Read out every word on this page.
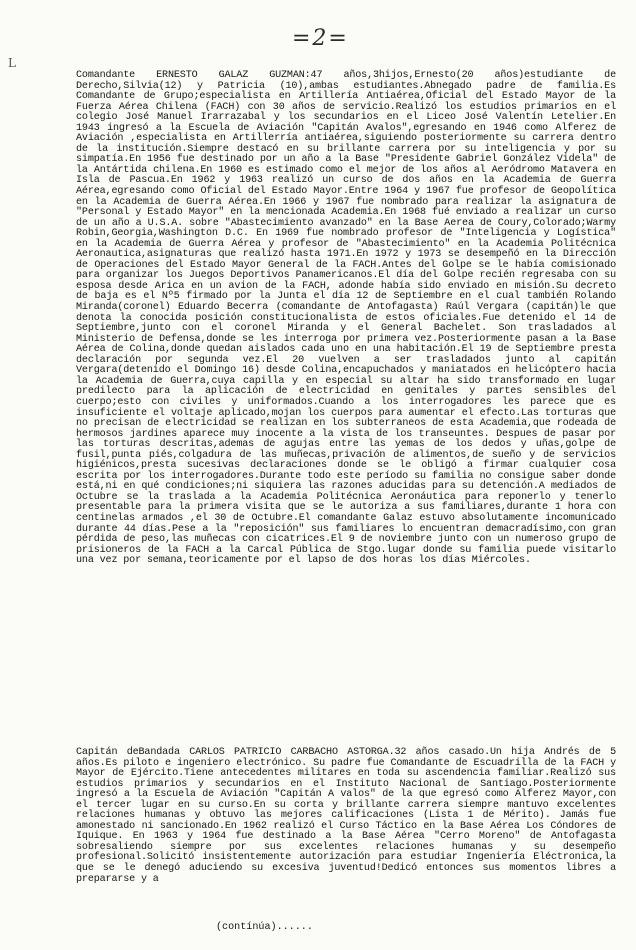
=2=
L
Comandante ERNESTO GALAZ GUZMAN:47 años,3hijos,Ernesto(20 años)estudiante de Derecho,Silvia(12) y Patricia (10),ambas estudiantes.Abnegado padre de familia.Es Comandante de Grupo;especialista en Artillería Antiaérea,Oficial del Estado Mayor de la Fuerza Aérea Chilena (FACH) con 30 años de servicio.Realizó los estudios primarios en el colegio José Manuel Irarrazabal y los secundarios en el Liceo José Valentín Letelier.En 1943 ingresó a la Escuela de Aviación "Capitán Avalos",egresando en 1946 como Alferez de Aviación ,especialista en Artillerría antiaérea,siguiendo posteriormente su carrera dentro de la institución.Siempre destacó en su brillante carrera por su inteligencia y por su simpatía.En 1956 fue destinado por un año a la Base "Presidente Gabriel González Videla" de la Antártida chilena.En 1960 es estimado como el mejor de los años al Aeródromo Matavera en Isla de Pascua.En 1962 y 1963 realizó un curso de dos años en la Academia de Guerra Aérea,egresando como Oficial del Estado Mayor.Entre 1964 y 1967 fue profesor de Geopolítica en la Academia de Guerra Aérea.En 1966 y 1967 fue nombrado para realizar la asignatura de "Personal y Estado Mayor" en la mencionada Academia.En 1968 fué enviado a realizar un curso de un año a U.S.A. sobre "Abastecimiento avanzado" en la Base Aerea de Coury,Colorado;Warmy Robin,Georgia,Washington D.C. En 1969 fue nombrado profesor de "Inteligencia y Logística" en la Academia de Guerra Aérea y profesor de "Abastecimiento" en la Academia Politécnica Aeronautica,asignaturas que realizó hasta 1971.En 1972 y 1973 se desempeñó en la Dirección de Operaciones del Estado Mayor General de la FACH.Antes del Golpe se le había comisionado para organizar los Juegos Deportivos Panamericanos.El día del Golpe recién regresaba con su esposa desde Arica en un avion de la FACH, adonde había sido enviado en misión.Su decreto de baja es el Nº5 firmado por la Junta el día 12 de Septiembre en el cual también Rolando Miranda(coronel) Eduardo Becerra (comandante de Antofagasta) Raúl Vergara (capitán)le que denota la conocida posición constitucionalista de estos oficiales.Fue detenido el 14 de Septiembre,junto con el coronel Miranda y el General Bachelet. Son trasladados al Ministerio de Defensa,donde se les interroga por primera vez.Posteriormente pasan a la Base Aérea de Colina,donde quedan aislados cada uno en una habitación.El 19 de Septiembre presta declaración por segunda vez.El 20 vuelven a ser trasladados junto al capitán Vergara(detenido el Domingo 16) desde Colina,encapuchados y maniatados en helicóptero hacia la Academia de Guerra,cuya capilla y en especial su altar ha sido transformado en lugar predilecto para la aplicación de electricidad en genitales y partes sensibles del cuerpo;esto con civiles y uniformados.Cuando a los interrogadores les parece que es insuficiente el voltaje aplicado,mojan los cuerpos para aumentar el efecto.Las torturas que no precisan de electricidad se realizan en los subterraneos de esta Academia,que rodeada de hermosos jardines aparece muy inocente a la vista de los transeuntes. Despues de pasar por las torturas descritas,ademas de agujas entre las yemas de los dedos y uñas,golpe de fusil,punta piés,colgadura de las muñecas,privación de alimentos,de sueño y de servicios higiénicos,presta sucesivas declaraciones donde se le obligó a firmar cualquier cosa escrita por los interrogadores.Durante todo este período su familia no consigue saber donde está,ni en qué condiciones;ni siquiera las razones aducidas para su detención.A mediados de Octubre se la traslada a la Academia Politécnica Aeronáutica para reponerlo y tenerlo presentable para la primera visita que se le autoriza a sus familiares,durante 1 hora con centinelas armados ,el 30 de Octubre.El comandante Galaz estuvo absolutamente incomunicado durante 44 días.Pese a la "reposición" sus familiares lo encuentran demacradísimo,con gran pérdida de peso,las muñecas con cicatrices.El 9 de noviembre junto con un numeroso grupo de prisioneros de la FACH a la Carcal Pública de Stgo.lugar donde su familia puede visitarlo una vez por semana,teoricamente por el lapso de dos horas los días Miércoles.
Capitán deBandada CARLOS PATRICIO CARBACHO ASTORGA.32 años casado.Un hija Andrés de 5 años.Es piloto e ingeniero electrónico. Su padre fue Comandante de Escuadrilla de la FACH y Mayor de Ejército.Tiene antecedentes militares en toda su ascendencia familiar.Realizó sus estudios primarios y secundarios en el Instituto Nacional de Santiago.Posteriormente ingresó a la Escuela de Aviación "Capitán A valos" de la que egresó como Alferez Mayor,con el tercer lugar en su curso.En su corta y brillante carrera siempre mantuvo excelentes relaciones humanas y obtuvo las mejores calificaciones (Lista 1 de Mérito). Jamás fue amonestado ni sancionado.En 1962 realizó el Curso Táctico en la Base Aérea Los Cóndores de Iquique. En 1963 y 1964 fue destinado a la Base Aérea "Cerro Moreno" de Antofagasta sobresaliendo siempre por sus excelentes relaciones humanas y su desempeño profesional.Solicitó insistentemente autorización para estudiar Ingeniería Eléctronica,la que se le denegó aduciendo su excesiva juventud!Dedicó entonces sus momentos libres a prepararse y a
(contínúa)......
